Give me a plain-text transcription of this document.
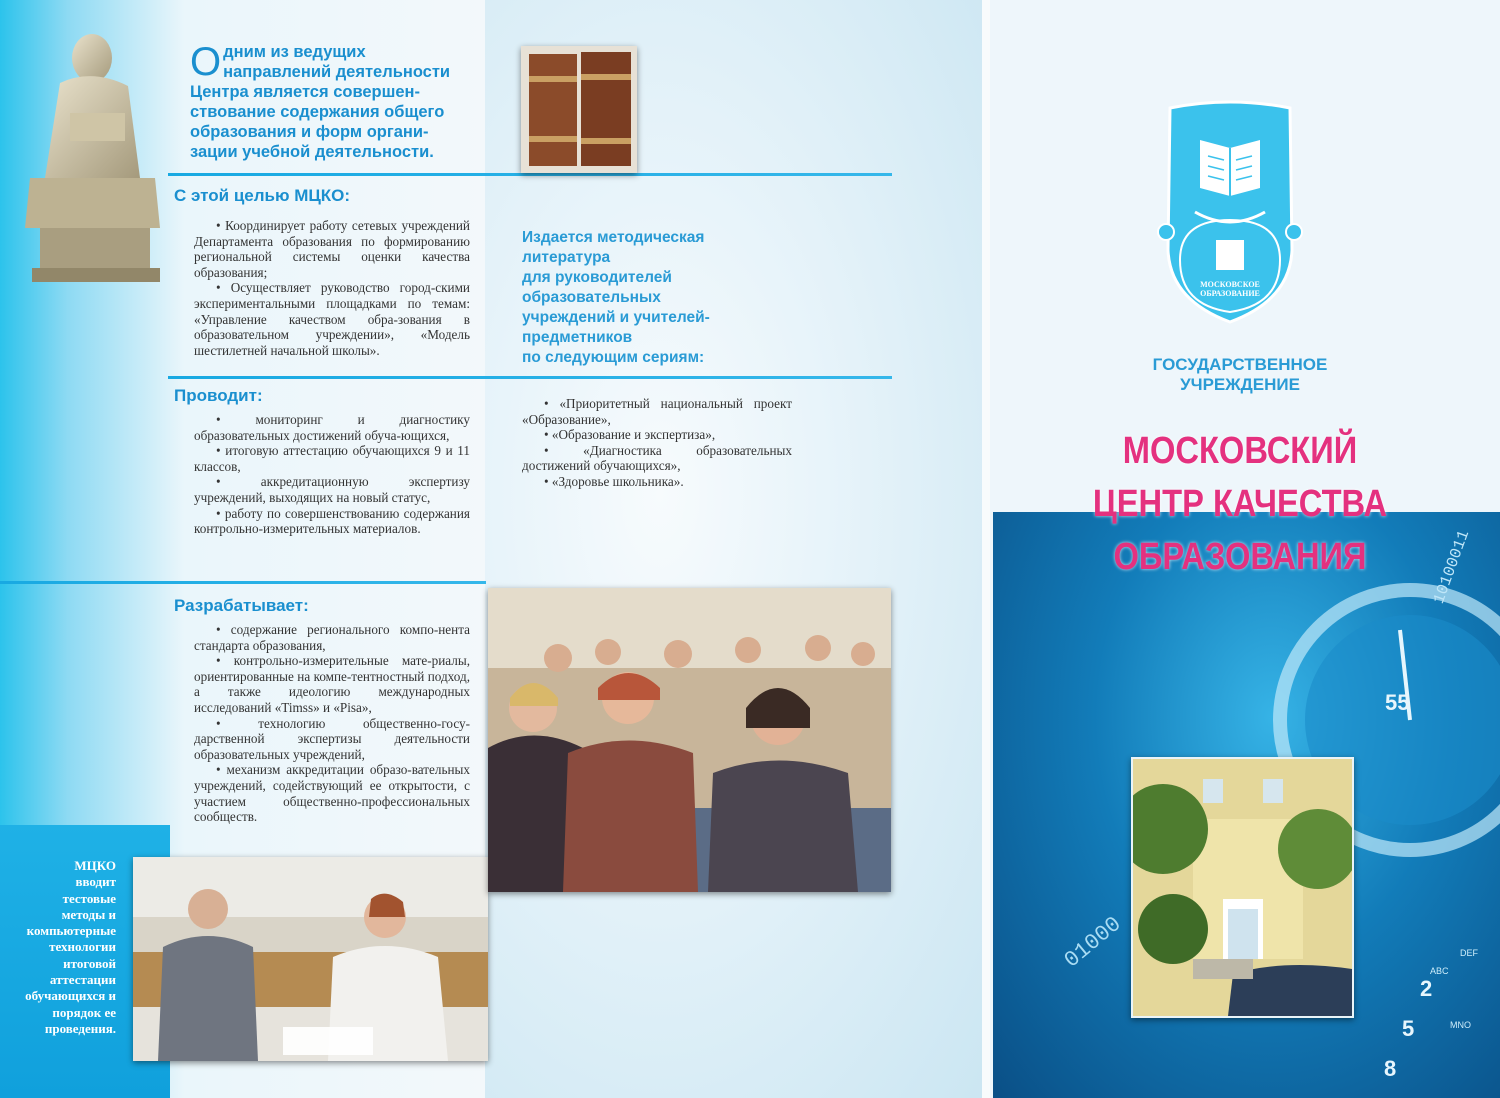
Одним из ведущих направлений деятельности Центра является совершен-ствование содержания общего образования и форм органи-зации учебной деятельности.
С этой целью МЦКО:

• Координирует работу сетевых учреждений Департамента образования по формированию региональной системы оценки качества образования;

• Осуществляет руководство город-скими экспериментальными площадками по темам: «Управление качеством обра-зования в образовательном учреждении», «Модель шестилетней начальной школы».

Проводит:

• мониторинг и диагностику образовательных достижений обуча-ющихся,

• итоговую аттестацию обучающихся 9 и 11 классов,

• аккредитационную экспертизу учреждений, выходящих на новый статус,

• работу по совершенствованию содержания контрольно-измерительных материалов.

Разрабатывает:

• содержание регионального компо-нента стандарта образования,

• контрольно-измерительные мате-риалы, ориентированные на компе-тентностный подход, а также идеологию международных исследований «Timss» и «Pisa»,

• технологию общественно-госу-дарственной экспертизы деятельности образовательных учреждений,

• механизм аккредитации образо-вательных учреждений, содействующий ее открытости, с участием общественно-профессиональных сообществ.

МЦКО
вводит
тестовые
методы и
компьютерные
технологии
итоговой
аттестации
обучающихся и
порядок ее
проведения.
Издается методическая
литература
для руководителей
образовательных
учреждений и учителей-
предметников
по следующим сериям:

• «Приоритетный национальный проект «Образование»,

• «Образование и экспертиза»,

• «Диагностика образовательных достижений обучающихся»,

• «Здоровье школьника».

МОСКОВСКОЕ ОБРАЗОВАНИЕ
ГОСУДАРСТВЕННОЕ
УЧРЕЖДЕНИЕ
55
10100011
01000
2
5
8
ABC
DEF
MNO
МОСКОВСКИЙ
ЦЕНТР КАЧЕСТВА
ОБРАЗОВАНИЯ
